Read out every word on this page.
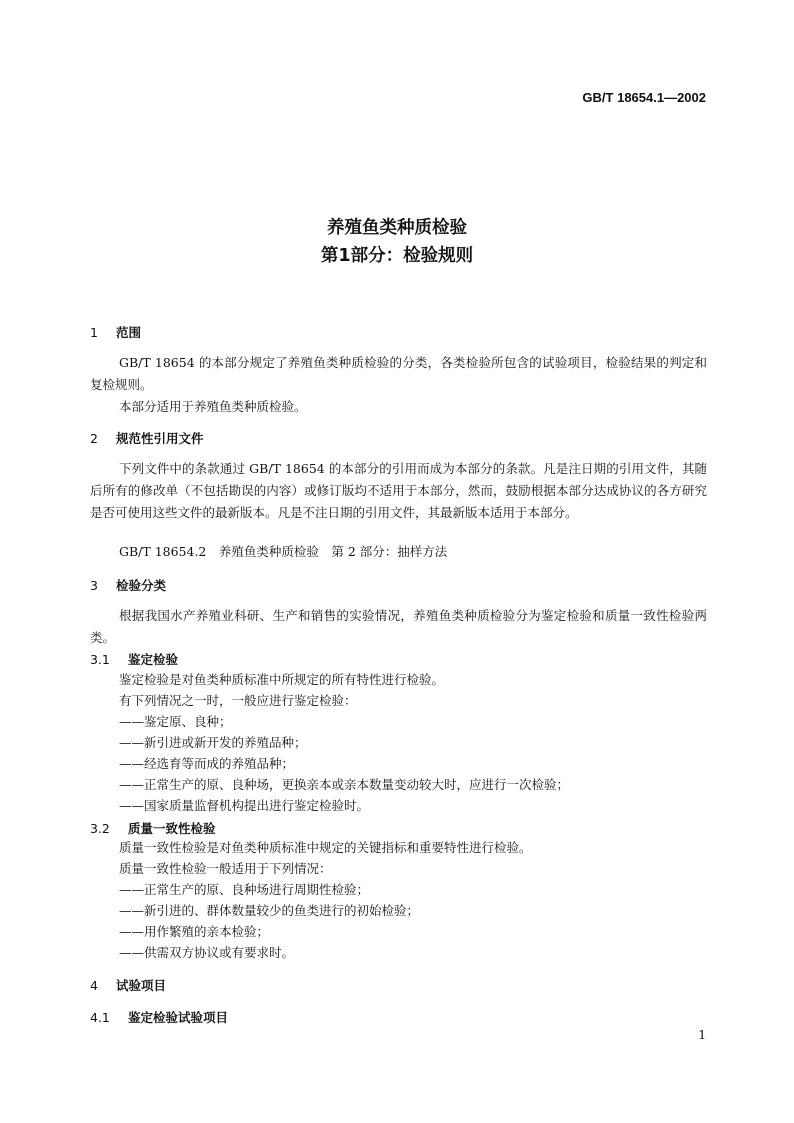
GB/T 18654.1—2002
养殖鱼类种质检验
第1部分：检验规则
1 范围
GB/T 18654 的本部分规定了养殖鱼类种质检验的分类，各类检验所包含的试验项目，检验结果的判定和复检规则。
本部分适用于养殖鱼类种质检验。
2 规范性引用文件
下列文件中的条款通过 GB/T 18654 的本部分的引用而成为本部分的条款。凡是注日期的引用文件，其随后所有的修改单（不包括勘误的内容）或修订版均不适用于本部分，然而，鼓励根据本部分达成协议的各方研究是否可使用这些文件的最新版本。凡是不注日期的引用文件，其最新版本适用于本部分。
GB/T 18654.2　养殖鱼类种质检验　第 2 部分：抽样方法
3 检验分类
根据我国水产养殖业科研、生产和销售的实验情况，养殖鱼类种质检验分为鉴定检验和质量一致性检验两类。
3.1 鉴定检验
鉴定检验是对鱼类种质标准中所规定的所有特性进行检验。
有下列情况之一时，一般应进行鉴定检验：
——鉴定原、良种；
——新引进或新开发的养殖品种；
——经选育等而成的养殖品种；
——正常生产的原、良种场，更换亲本或亲本数量变动较大时，应进行一次检验；
——国家质量监督机构提出进行鉴定检验时。
3.2 质量一致性检验
质量一致性检验是对鱼类种质标准中规定的关键指标和重要特性进行检验。
质量一致性检验一般适用于下列情况：
——正常生产的原、良种场进行周期性检验；
——新引进的、群体数量较少的鱼类进行的初始检验；
——用作繁殖的亲本检验；
——供需双方协议或有要求时。
4 试验项目
4.1 鉴定检验试验项目
1
